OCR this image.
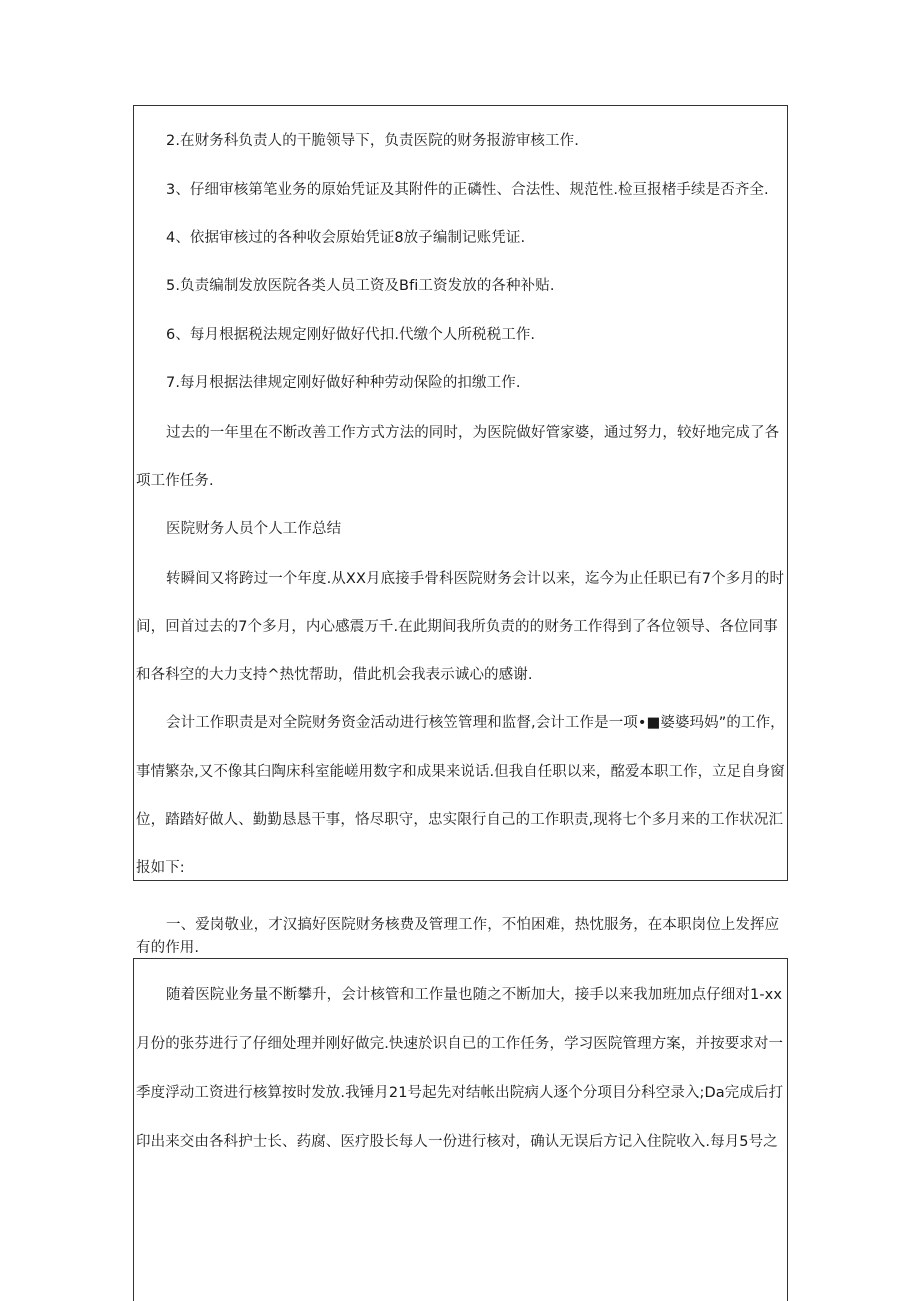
2.在财务科负责人的干脆领导下，负责医院的财务报游审核工作.
3、仔细审核第笔业务的原始凭证及其附件的正磷性、合法性、规范性.检亘报楮手续是否齐全.
4、依据审核过的各种收会原始凭证8放子编制记账凭证.
5.负责编制发放医院各类人员工资及Bfi工资发放的各种补贴.
6、每月根据税法规定刚好做好代扣.代缴个人所税税工作.
7.每月根据法律规定刚好做好种种劳动保险的扣缴工作.
过去的一年里在不断改善工作方式方法的同时，为医院做好管家婆，通过努力，较好地完成了各
项工作任务.
医院财务人员个人工作总结
转瞬间又将跨过一个年度.从XX月底接手骨科医院财务会计以来，迄今为止任职已有7个多月的时
间，回首过去的7个多月，内心感震万千.在此期间我所负责的的财务工作得到了各位领导、各位同事
和各科空的大力支持^热忱帮助，借此机会我表示诚心的感谢.
会计工作职责是对全院财务资金活动进行核笠管理和监督,会计工作是一项•■婆婆玛妈”的工作，
事情繁杂,又不像其臼陶床科室能嵯用数字和成果来说话.但我自任职以来，酩爱本职工作，立足自身窗
位，踏踏好做人、勤勤恳恳干事，恪尽职守，忠实限行自己的工作职责,现将七个多月来的工作状况汇
报如下:
一、爱岗敬业，才汉搞好医院财务核费及管理工作，不怕困难，热忱服务，在本职岗位上发挥应
有的作用.
随着医院业务量不断攀升，会计核管和工作量也随之不断加大，接手以来我加班加点仔细对1-xx
月份的张芬进行了仔细处理并刚好做完.快速於识自已的工作任务，学习医院管理方案，并按要求对一
季度浮动工资进行核算按时发放.我锤月21号起先对结帐出院病人逐个分项目分科空录入;Da完成后打
印出来交由各科护士长、药腐、医疗股长每人一份进行核对，确认无误后方记入住院收入.每月5号之
